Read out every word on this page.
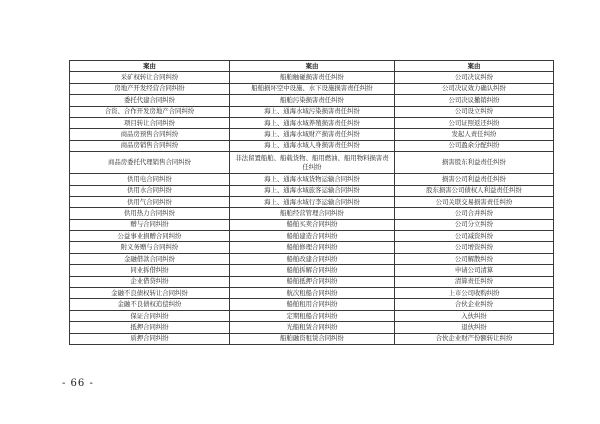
案由	案由	案由
采矿权转让合同纠纷	船舶触碰损害责任纠纷	公司决议纠纷
房地产开发经营合同纠纷	船舶损坏空中设施、水下设施损害责任纠纷	公司决议效力确认纠纷
委托代建合同纠纷	船舶污染损害责任纠纷	公司决议撤销纠纷
合资、合作开发房地产合同纠纷	海上、通海水域污染损害责任纠纷	公司设立纠纷
项目转让合同纠纷	海上、通海水域养殖损害责任纠纷	公司证照返还纠纷
商品房预售合同纠纷	海上、通海水域财产损害责任纠纷	发起人责任纠纷
商品房销售合同纠纷	海上、通海水域人身损害责任纠纷	公司盈余分配纠纷
商品房委托代理销售合同纠纷	非法留置船舶、船载货物、船用燃油、船用物料损害责任纠纷	损害股东利益责任纠纷
供用电合同纠纷	海上、通海水域货物运输合同纠纷	损害公司利益责任纠纷
供用水合同纠纷	海上、通海水域旅客运输合同纠纷	股东损害公司债权人利益责任纠纷
供用气合同纠纷	海上、通海水域行李运输合同纠纷	公司关联交易损害责任纠纷
供用热力合同纠纷	船舶经营管理合同纠纷	公司合并纠纷
赠与合同纠纷	船舶买卖合同纠纷	公司分立纠纷
公益事业捐赠合同纠纷	船舶建造合同纠纷	公司减资纠纷
附义务赠与合同纠纷	船舶修理合同纠纷	公司增资纠纷
金融借款合同纠纷	船舶改建合同纠纷	公司解散纠纷
同业拆借纠纷	船舶拆解合同纠纷	申请公司清算
企业借贷纠纷	船舶抵押合同纠纷	清算责任纠纷
金融不良债权转让合同纠纷	航次租船合同纠纷	上市公司收购纠纷
金融不良债权追偿纠纷	船舶租用合同纠纷	合伙企业纠纷
保证合同纠纷	定期租船合同纠纷	入伙纠纷
抵押合同纠纷	光船租赁合同纠纷	退伙纠纷
质押合同纠纷	船舶融资租赁合同纠纷	合伙企业财产份额转让纠纷
- 66 -
